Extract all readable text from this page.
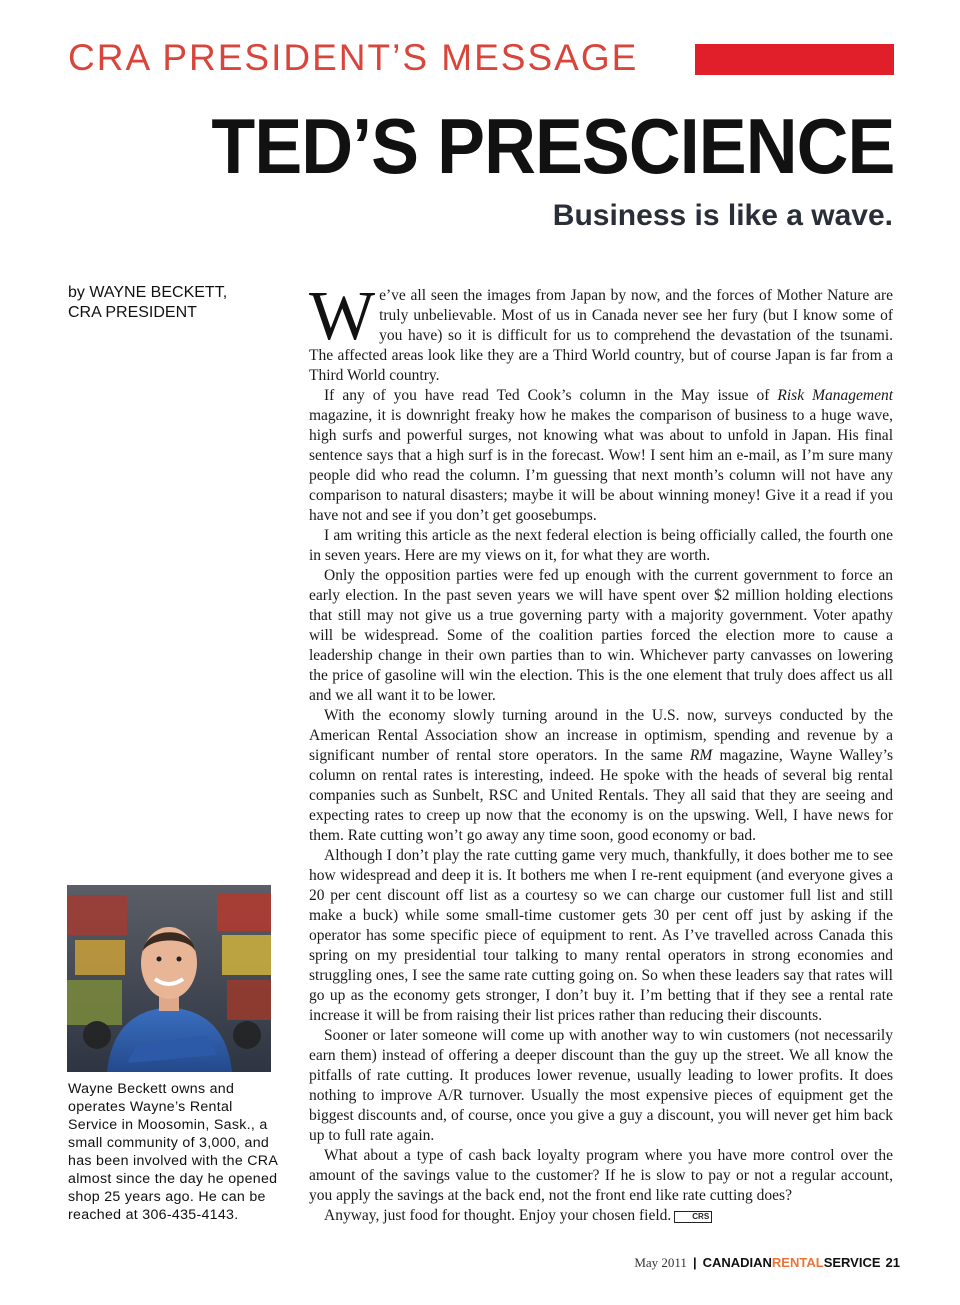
CRA PRESIDENT’S MESSAGE
TED’S PRESCIENCE
Business is like a wave.
by WAYNE BECKETT,
CRA PRESIDENT
Wayne Beckett owns and operates Wayne’s Rental Service in Moosomin, Sask., a small community of 3,000, and has been involved with the CRA almost since the day he opened shop 25 years ago. He can be reached at 306-435-4143.

We’ve all seen the images from Japan by now, and the forces of Mother Nature are truly unbelievable. Most of us in Canada never see her fury (but I know some of you have) so it is difficult for us to comprehend the devastation of the tsunami. The affected areas look like they are a Third World country, but of course Japan is far from a Third World country.

If any of you have read Ted Cook’s column in the May issue of Risk Management magazine, it is downright freaky how he makes the comparison of business to a huge wave, high surfs and powerful surges, not knowing what was about to unfold in Japan. His final sentence says that a high surf is in the forecast. Wow! I sent him an e-mail, as I’m sure many people did who read the column. I’m guessing that next month’s column will not have any comparison to natural disasters; maybe it will be about winning money! Give it a read if you have not and see if you don’t get goosebumps.

I am writing this article as the next federal election is being officially called, the fourth one in seven years. Here are my views on it, for what they are worth.

Only the opposition parties were fed up enough with the current government to force an early election. In the past seven years we will have spent over $2 million holding elections that still may not give us a true governing party with a majority government. Voter apathy will be widespread. Some of the coalition parties forced the election more to cause a leadership change in their own parties than to win. Whichever party canvasses on lowering the price of gasoline will win the election. This is the one element that truly does affect us all and we all want it to be lower.

With the economy slowly turning around in the U.S. now, surveys conducted by the American Rental Association show an increase in optimism, spending and revenue by a significant number of rental store operators. In the same RM magazine, Wayne Walley’s column on rental rates is interesting, indeed. He spoke with the heads of several big rental companies such as Sunbelt, RSC and United Rentals. They all said that they are seeing and expecting rates to creep up now that the economy is on the upswing. Well, I have news for them. Rate cutting won’t go away any time soon, good economy or bad.

Although I don’t play the rate cutting game very much, thankfully, it does bother me to see how widespread and deep it is. It bothers me when I re-rent equipment (and everyone gives a 20 per cent discount off list as a courtesy so we can charge our customer full list and still make a buck) while some small-time customer gets 30 per cent off just by asking if the operator has some specific piece of equipment to rent. As I’ve travelled across Canada this spring on my presidential tour talking to many rental operators in strong economies and struggling ones, I see the same rate cutting going on. So when these leaders say that rates will go up as the economy gets stronger, I don’t buy it. I’m betting that if they see a rental rate increase it will be from raising their list prices rather than reducing their discounts.

Sooner or later someone will come up with another way to win customers (not necessarily earn them) instead of offering a deeper discount than the guy up the street. We all know the pitfalls of rate cutting. It produces lower revenue, usually leading to lower profits. It does nothing to improve A/R turnover. Usually the most expensive pieces of equipment get the biggest discounts and, of course, once you give a guy a discount, you will never get him back up to full rate again.

What about a type of cash back loyalty program where you have more control over the amount of the savings value to the customer? If he is slow to pay or not a regular account, you apply the savings at the back end, not the front end like rate cutting does?

Anyway, just food for thought. Enjoy your chosen field.	CRS

May 2011 | CANADIANRENTALSERVICE 21
